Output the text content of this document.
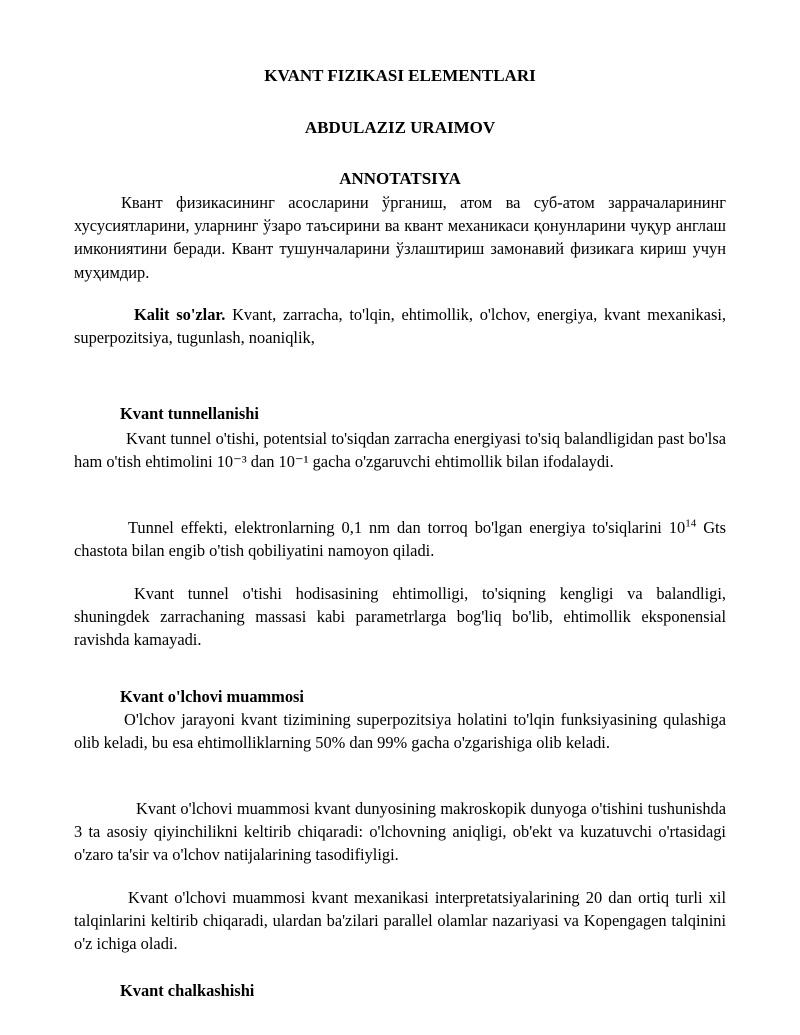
KVANT FIZIKASI ELEMENTLARI
ABDULAZIZ URAIMOV
ANNOTATSIYA
Квант физикасининг асосларини ўрганиш, атом ва суб-атом заррачаларининг хусусиятларини, уларнинг ўзаро таъсирини ва квант механикаси қонунларини чуқур англаш имкониятини беради. Квант тушунчаларини ўзлаштириш замонавий физикага кириш учун муҳимдир.
Kalit so'zlar. Kvant, zarracha, to'lqin, ehtimollik, o'lchov, energiya, kvant mexanikasi, superpozitsiya, tugunlash, noaniqlik,
Kvant tunnellanishi
Kvant tunnel o'tishi, potentsial to'siqdan zarracha energiyasi to'siq balandligidan past bo'lsa ham o'tish ehtimolini 10⁻³ dan 10⁻¹ gacha o'zgaruvchi ehtimollik bilan ifodalaydi.
Tunnel effekti, elektronlarning 0,1 nm dan torroq bo'lgan energiya to'siqlarini $10^{14}$ Gts chastota bilan engib o'tish qobiliyatini namoyon qiladi.
Kvant tunnel o'tishi hodisasining ehtimolligi, to'siqning kengligi va balandligi, shuningdek zarrachaning massasi kabi parametrlarga bog'liq bo'lib, ehtimollik eksponensial ravishda kamayadi.
Kvant o'lchovi muammosi
O'lchov jarayoni kvant tizimining superpozitsiya holatini to'lqin funksiyasining qulashiga olib keladi, bu esa ehtimolliklarning 50% dan 99% gacha o'zgarishiga olib keladi.
Kvant o'lchovi muammosi kvant dunyosining makroskopik dunyoga o'tishini tushunishda 3 ta asosiy qiyinchilikni keltirib chiqaradi: o'lchovning aniqligi, ob'ekt va kuzatuvchi o'rtasidagi o'zaro ta'sir va o'lchov natijalarining tasodifiyligi.
Kvant o'lchovi muammosi kvant mexanikasi interpretatsiyalarining 20 dan ortiq turli xil talqinlarini keltirib chiqaradi, ulardan ba'zilari parallel olamlar nazariyasi va Kopengagen talqinini o'z ichiga oladi.
Kvant chalkashishi
